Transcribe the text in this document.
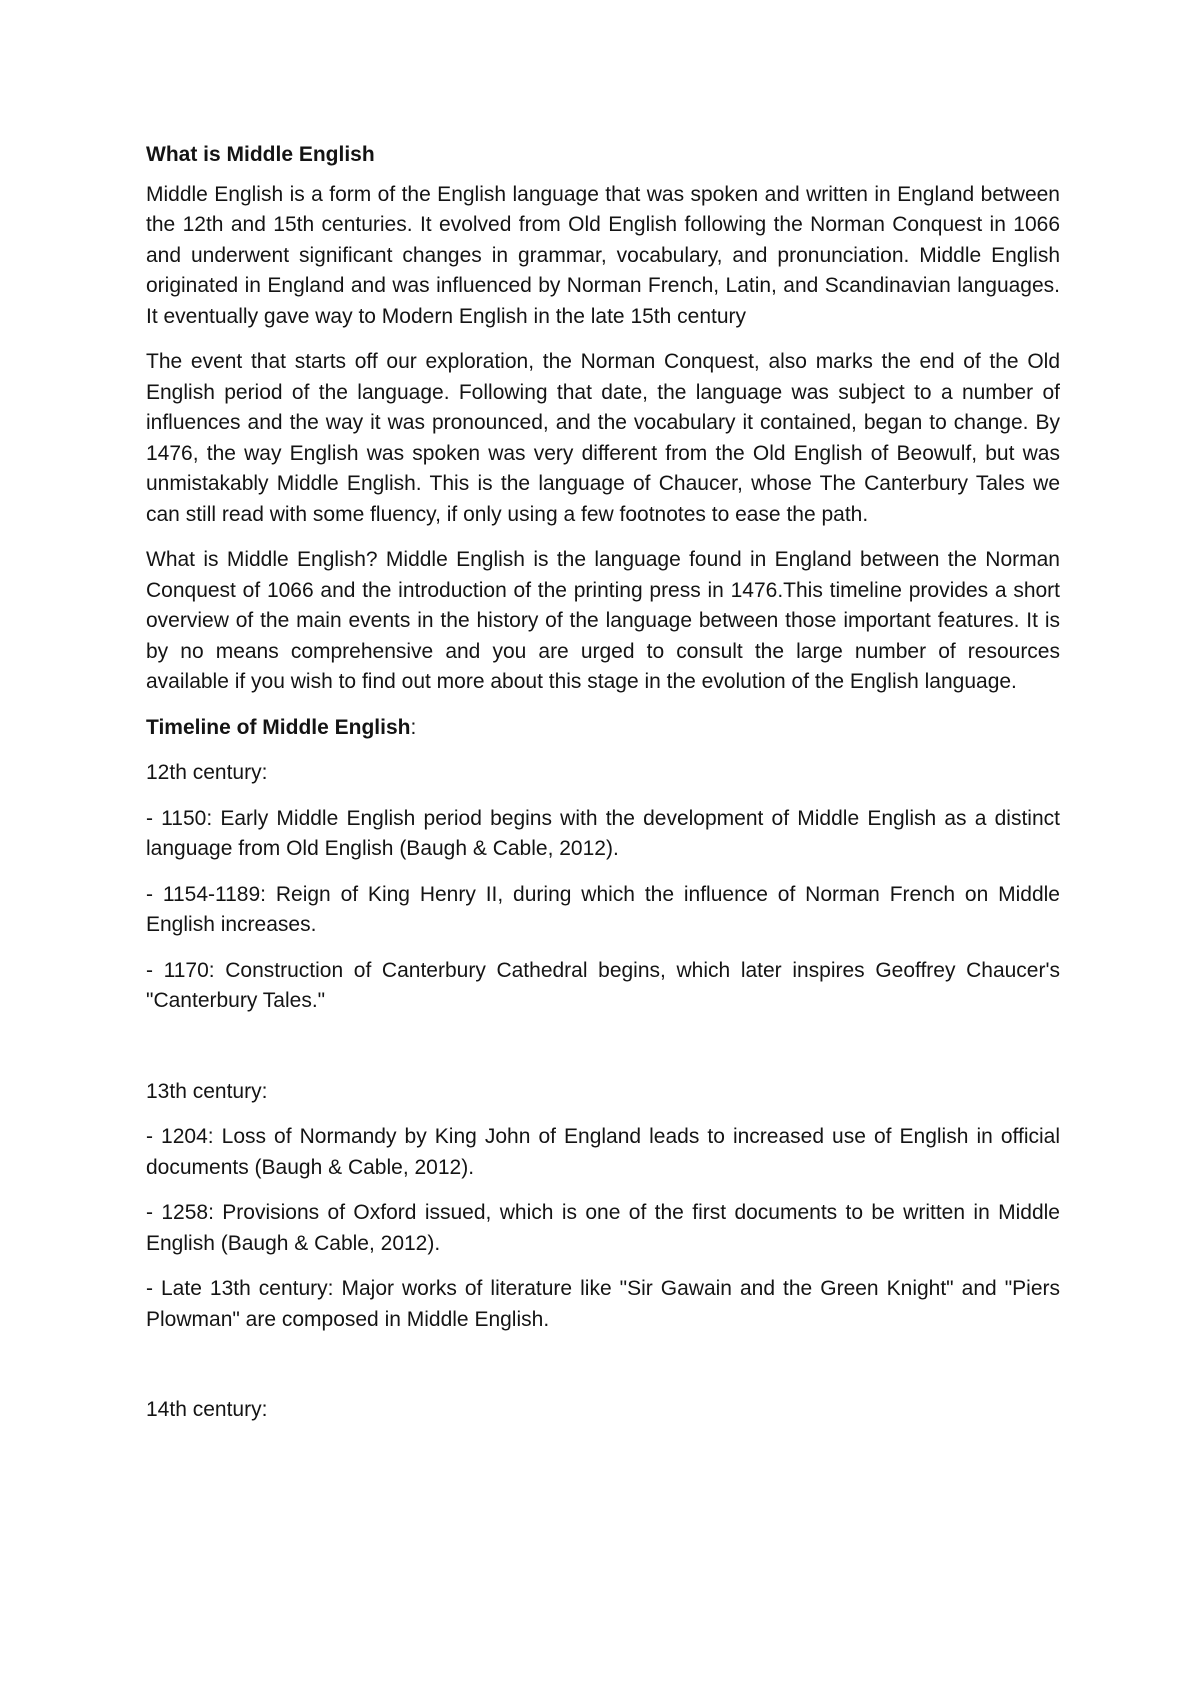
What is Middle English

Middle English is a form of the English language that was spoken and written in England between the 12th and 15th centuries. It evolved from Old English following the Norman Conquest in 1066 and underwent significant changes in grammar, vocabulary, and pronunciation. Middle English originated in England and was influenced by Norman French, Latin, and Scandinavian languages. It eventually gave way to Modern English in the late 15th century

The event that starts off our exploration, the Norman Conquest, also marks the end of the Old English period of the language. Following that date, the language was subject to a number of influences and the way it was pronounced, and the vocabulary it contained, began to change. By 1476, the way English was spoken was very different from the Old English of Beowulf, but was unmistakably Middle English. This is the language of Chaucer, whose The Canterbury Tales we can still read with some fluency, if only using a few footnotes to ease the path.

What is Middle English? Middle English is the language found in England between the Norman Conquest of 1066 and the introduction of the printing press in 1476.This timeline provides a short overview of the main events in the history of the language between those important features. It is by no means comprehensive and you are urged to consult the large number of resources available if you wish to find out more about this stage in the evolution of the English language.

Timeline of Middle English:
12th century:

- 1150: Early Middle English period begins with the development of Middle English as a distinct language from Old English (Baugh & Cable, 2012).

- 1154-1189: Reign of King Henry II, during which the influence of Norman French on Middle English increases.

- 1170: Construction of Canterbury Cathedral begins, which later inspires Geoffrey Chaucer's "Canterbury Tales."

13th century:

- 1204: Loss of Normandy by King John of England leads to increased use of English in official documents (Baugh & Cable, 2012).

- 1258: Provisions of Oxford issued, which is one of the first documents to be written in Middle English (Baugh & Cable, 2012).

- Late 13th century: Major works of literature like "Sir Gawain and the Green Knight" and "Piers Plowman" are composed in Middle English.

14th century:
